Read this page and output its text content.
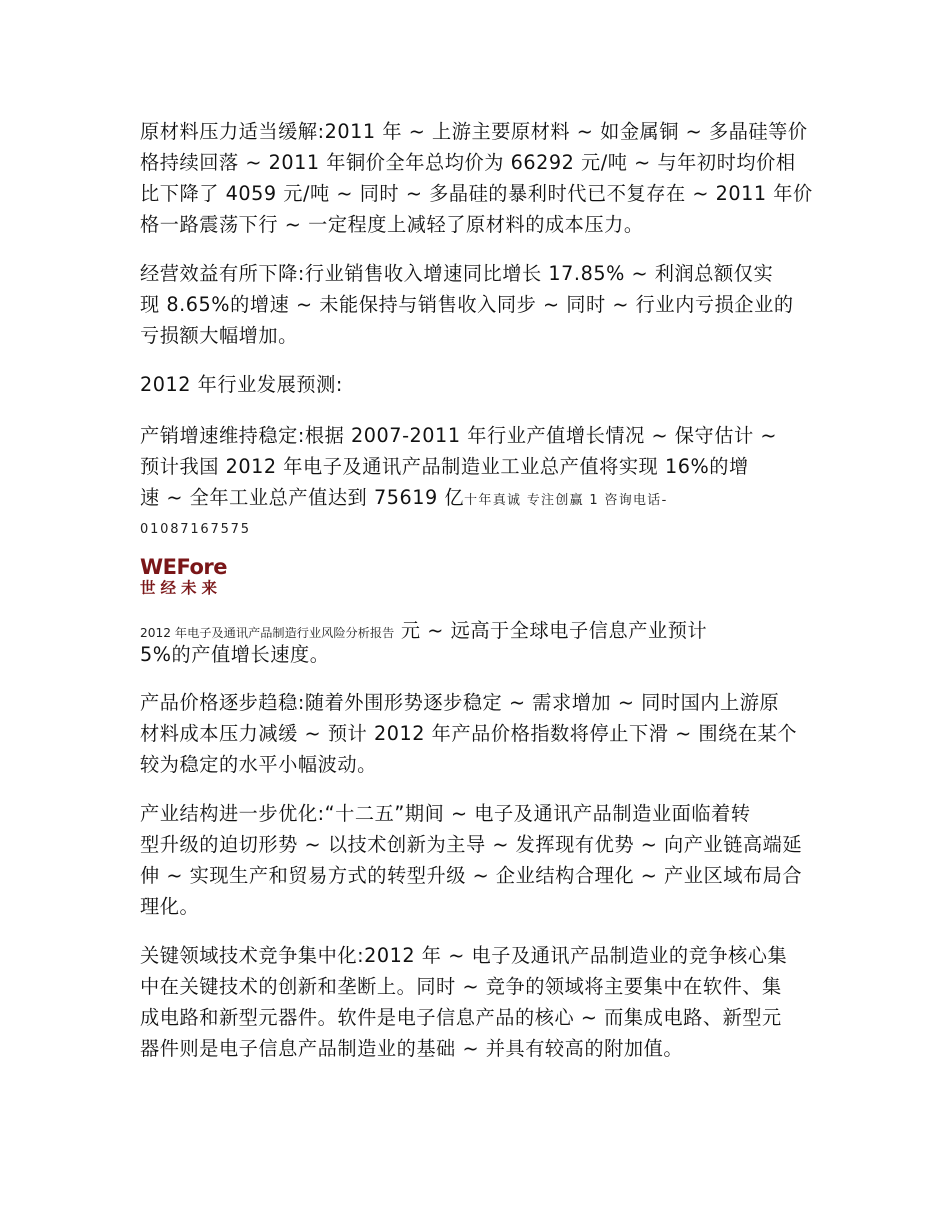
原材料压力适当缓解:2011 年 ~ 上游主要原材料 ~ 如金属铜 ~ 多晶硅等价
格持续回落 ~ 2011 年铜价全年总均价为 66292 元/吨 ~ 与年初时均价相
比下降了 4059 元/吨 ~ 同时 ~ 多晶硅的暴利时代已不复存在 ~ 2011 年价
格一路震荡下行 ~ 一定程度上减轻了原材料的成本压力。
经营效益有所下降:行业销售收入增速同比增长 17.85% ~ 利润总额仅实
现 8.65%的增速 ~ 未能保持与销售收入同步 ~ 同时 ~ 行业内亏损企业的
亏损额大幅增加。
2012 年行业发展预测:
产销增速维持稳定:根据 2007-2011 年行业产值增长情况 ~ 保守估计 ~
预计我国 2012 年电子及通讯产品制造业工业总产值将实现 16%的增
速 ~ 全年工业总产值达到 75619 亿十年真诚 专注创赢 1 咨询电话-
01087167575
WEFore
世经未来
2012 年电子及通讯产品制造行业风险分析报告 元 ~ 远高于全球电子信息产业预计
5%的产值增长速度。
产品价格逐步趋稳:随着外围形势逐步稳定 ~ 需求增加 ~ 同时国内上游原
材料成本压力减缓 ~ 预计 2012 年产品价格指数将停止下滑 ~ 围绕在某个
较为稳定的水平小幅波动。
产业结构进一步优化:“十二五”期间 ~ 电子及通讯产品制造业面临着转
型升级的迫切形势 ~ 以技术创新为主导 ~ 发挥现有优势 ~ 向产业链高端延
伸 ~ 实现生产和贸易方式的转型升级 ~ 企业结构合理化 ~ 产业区域布局合
理化。
关键领域技术竞争集中化:2012 年 ~ 电子及通讯产品制造业的竞争核心集
中在关键技术的创新和垄断上。同时 ~ 竞争的领域将主要集中在软件、集
成电路和新型元器件。软件是电子信息产品的核心 ~ 而集成电路、新型元
器件则是电子信息产品制造业的基础 ~ 并具有较高的附加值。
